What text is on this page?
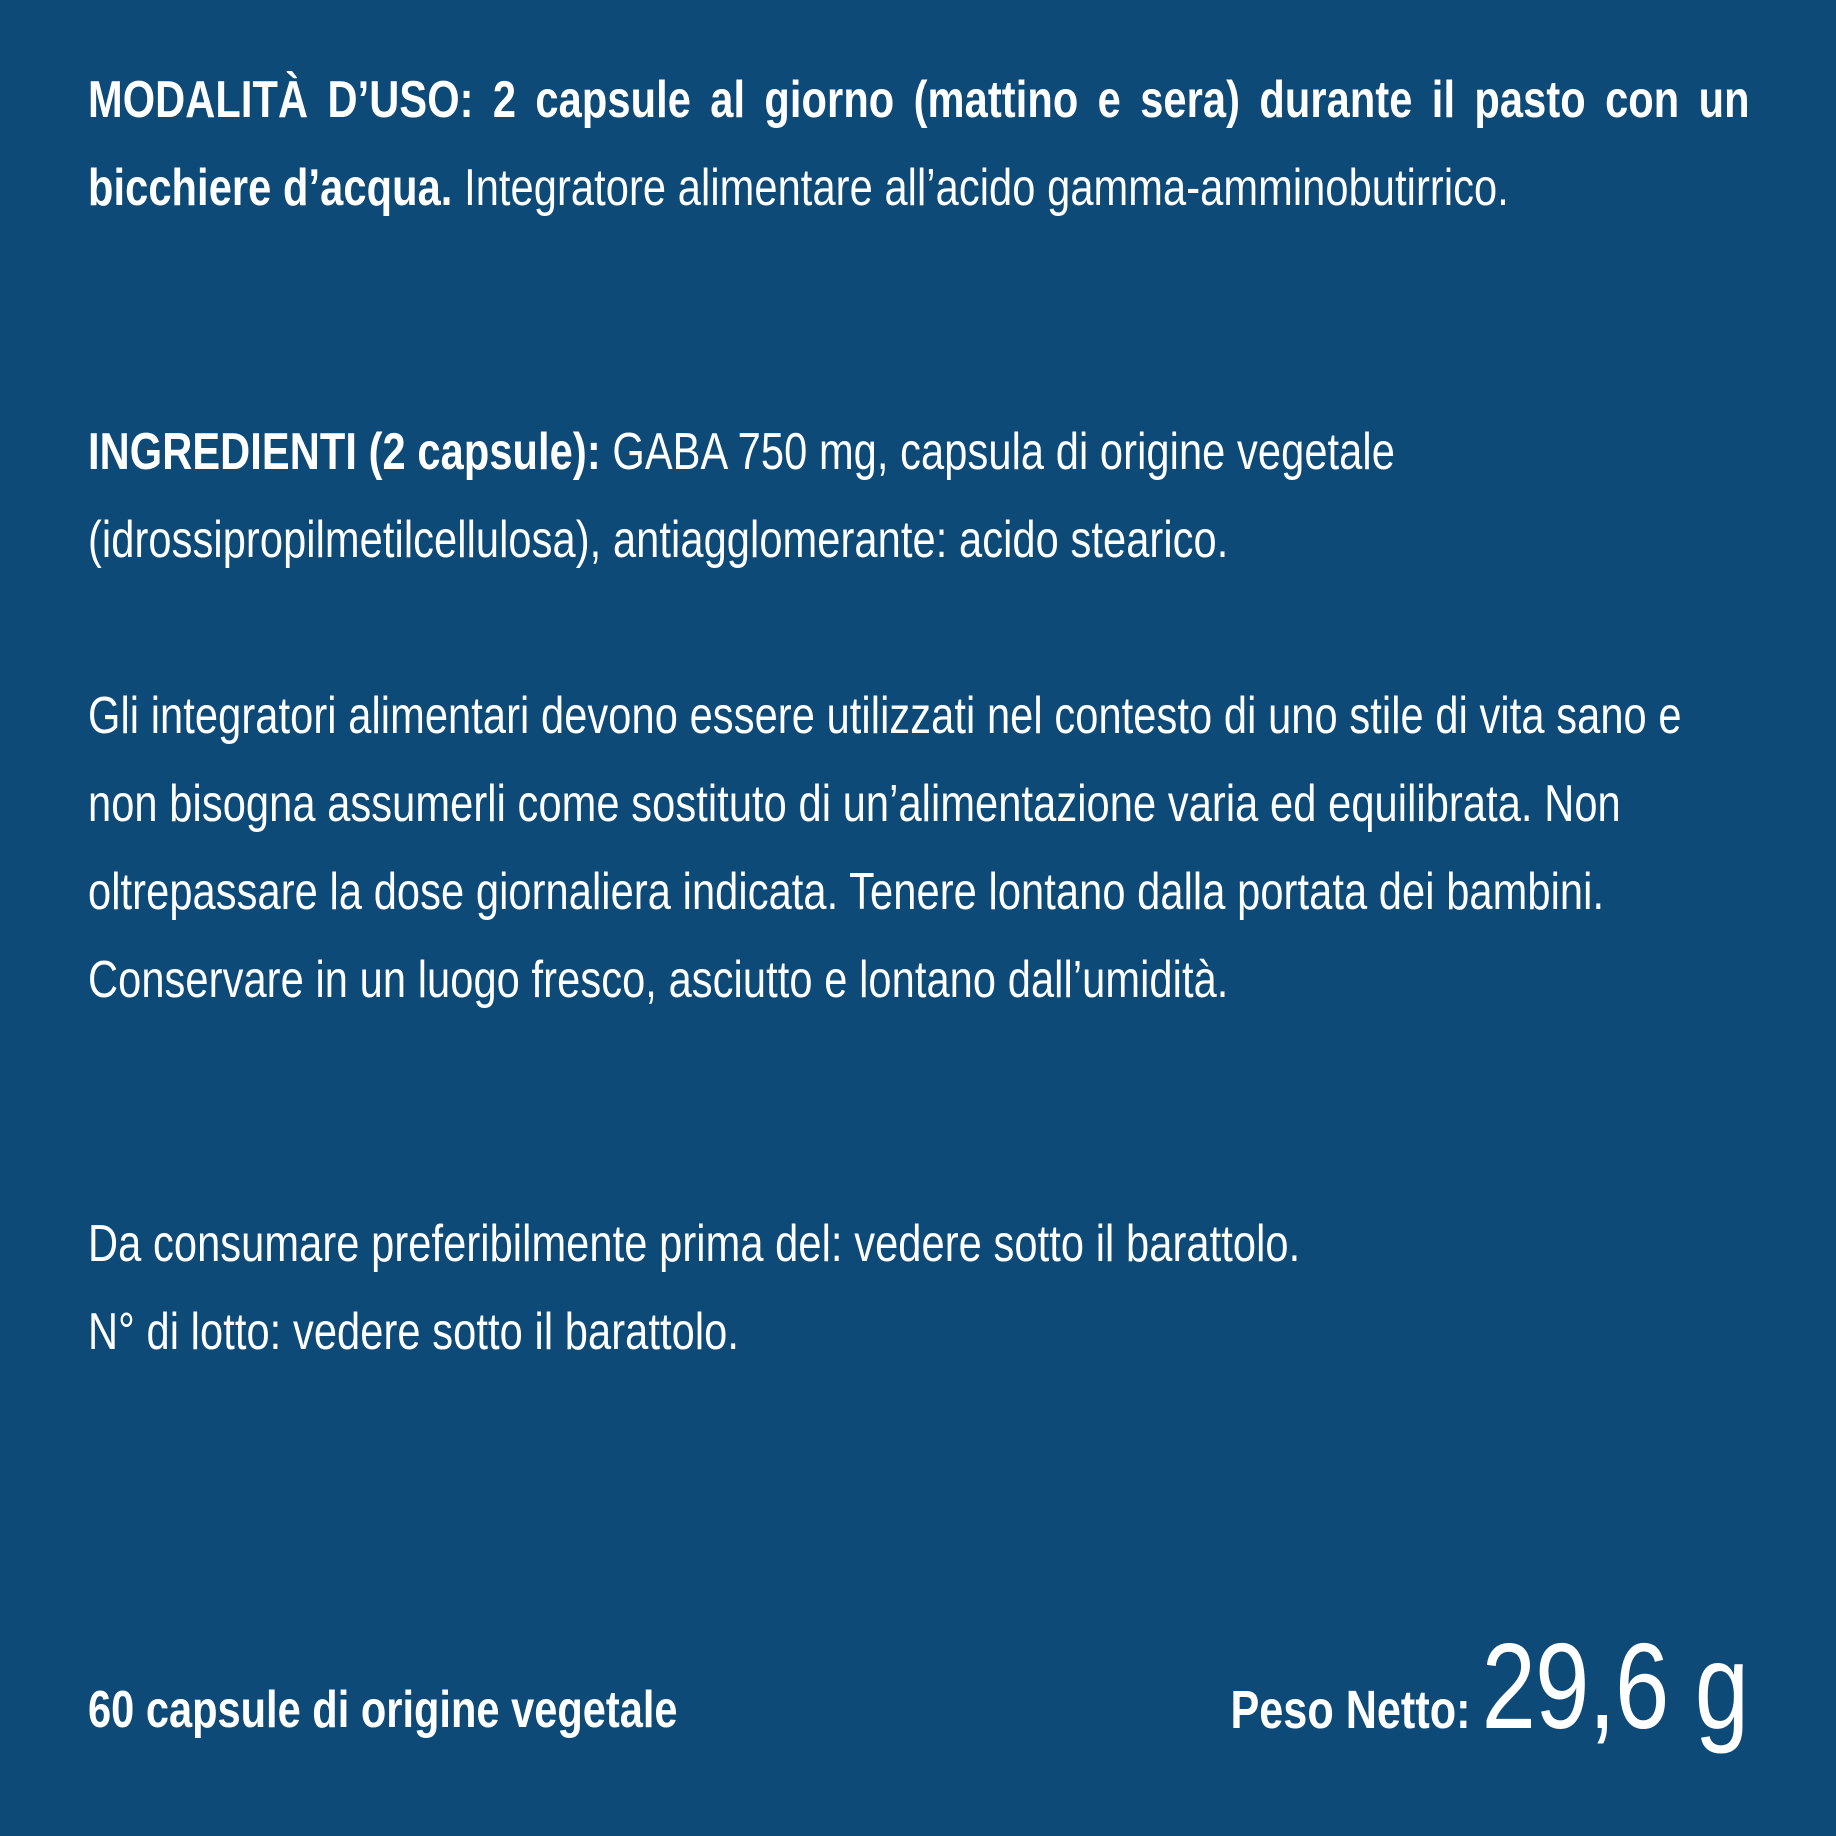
MODALITÀ D’USO: 2 capsule al giorno (mattino e sera) durante il pasto con un bicchiere d’acqua. Integratore alimentare all’acido gamma-amminobutirrico.

INGREDIENTI (2 capsule): GABA 750 mg, capsula di origine vegetale (idrossipropilmetilcellulosa), antiagglomerante: acido stearico.

Gli integratori alimentari devono essere utilizzati nel contesto di uno stile di vita sano e non bisogna assumerli come sostituto di un’alimentazione varia ed equilibrata. Non oltrepassare la dose giornaliera indicata. Tenere lontano dalla portata dei bambini. Conservare in un luogo fresco, asciutto e lontano dall’umidità.

Da consumare preferibilmente prima del: vedere sotto il barattolo.

N° di lotto: vedere sotto il barattolo.

60 capsule di origine vegetale	Peso Netto: 29,6 g
